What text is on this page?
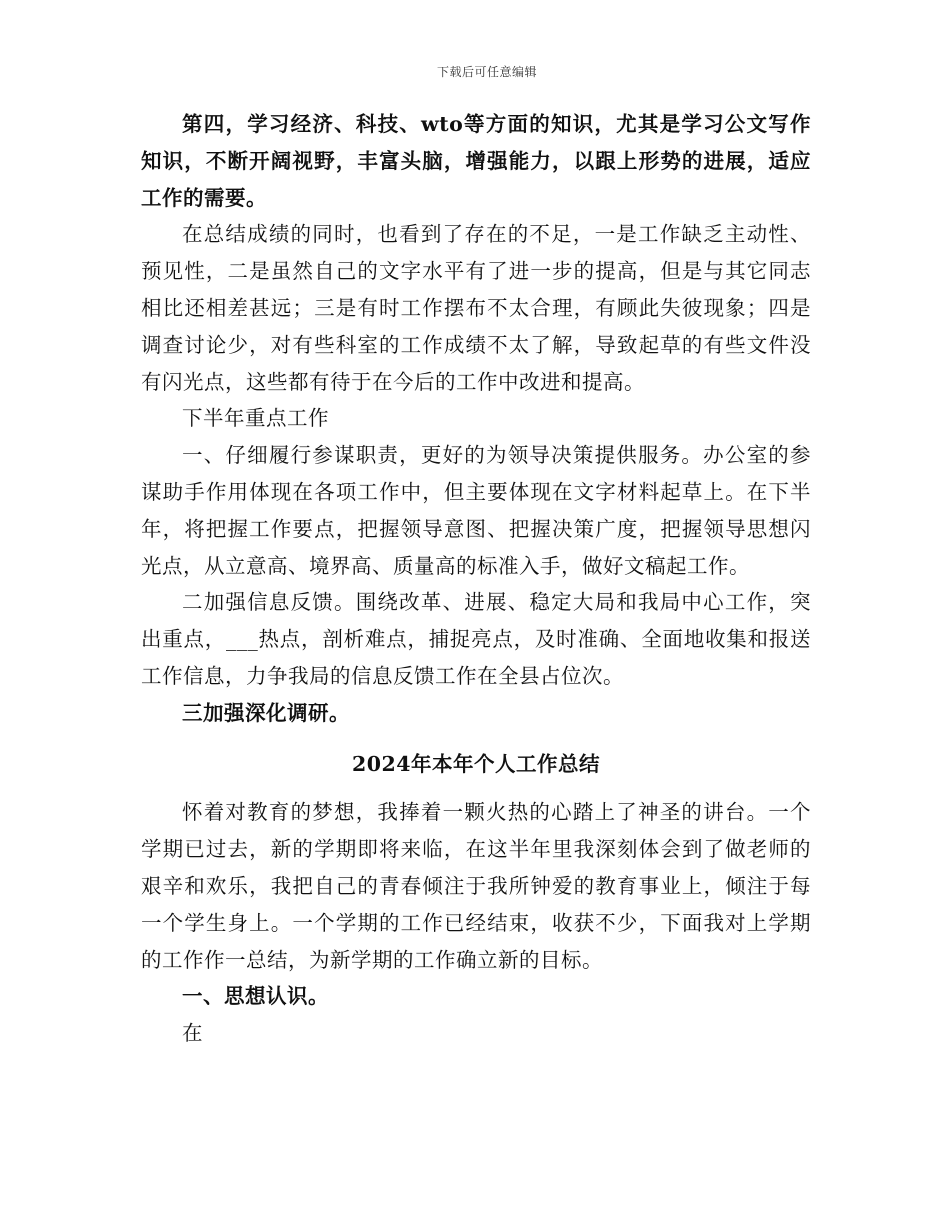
下载后可任意编辑

第四，学习经济、科技、wto等方面的知识，尤其是学习公文写作知识，不断开阔视野，丰富头脑，增强能力，以跟上形势的进展，适应工作的需要。

在总结成绩的同时，也看到了存在的不足，一是工作缺乏主动性、预见性，二是虽然自己的文字水平有了进一步的提高，但是与其它同志相比还相差甚远；三是有时工作摆布不太合理，有顾此失彼现象；四是调查讨论少，对有些科室的工作成绩不太了解，导致起草的有些文件没有闪光点，这些都有待于在今后的工作中改进和提高。

下半年重点工作

一、仔细履行参谋职责，更好的为领导决策提供服务。办公室的参谋助手作用体现在各项工作中，但主要体现在文字材料起草上。在下半年，将把握工作要点，把握领导意图、把握决策广度，把握领导思想闪光点，从立意高、境界高、质量高的标准入手，做好文稿起工作。

二加强信息反馈。围绕改革、进展、稳定大局和我局中心工作，突出重点，___热点，剖析难点，捕捉亮点，及时准确、全面地收集和报送工作信息，力争我局的信息反馈工作在全县占位次。

三加强深化调研。

2024年本年个人工作总结

怀着对教育的梦想，我捧着一颗火热的心踏上了神圣的讲台。一个学期已过去，新的学期即将来临，在这半年里我深刻体会到了做老师的艰辛和欢乐，我把自己的青春倾注于我所钟爱的教育事业上，倾注于每一个学生身上。一个学期的工作已经结束，收获不少，下面我对上学期的工作作一总结，为新学期的工作确立新的目标。

一、思想认识。

在
